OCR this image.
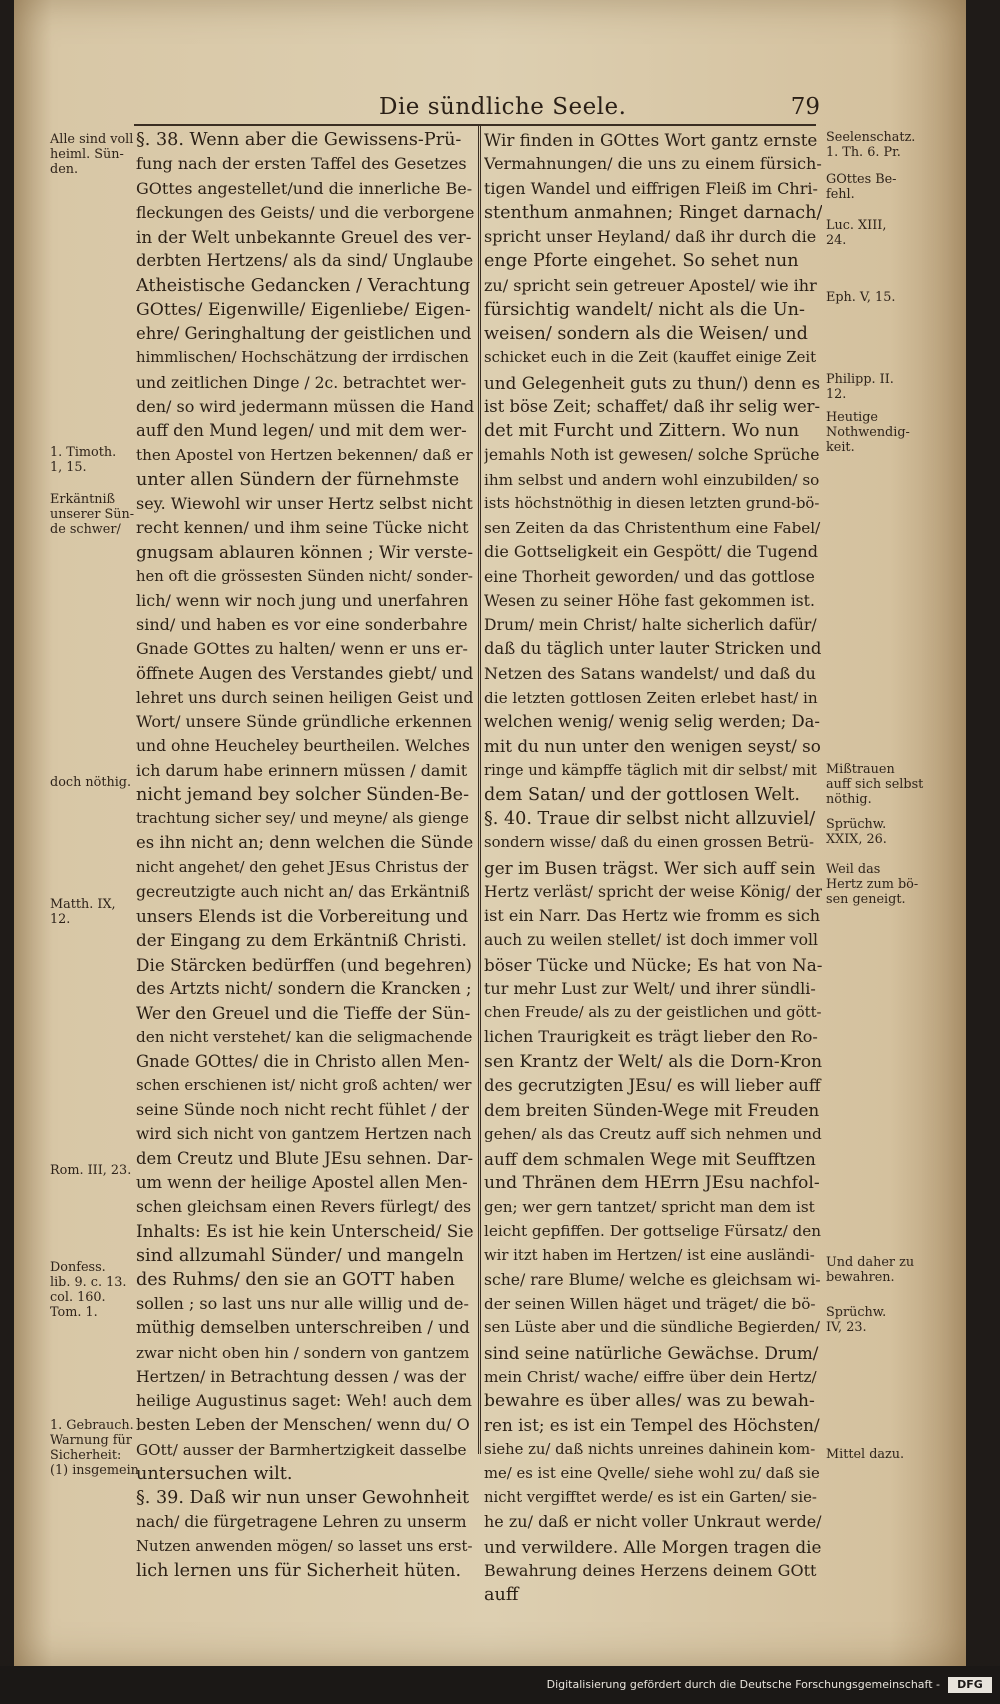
Die sündliche Seele.	79
§. 38. Wenn aber die Gewissens-Prü-
fung nach der ersten Taffel des Gesetzes
GOttes angestellet/und die innerliche Be-
fleckungen des Geists/ und die verborgene
in der Welt unbekannte Greuel des ver-
derbten Hertzens/ als da sind/ Unglaube
Atheistische Gedancken / Verachtung
GOttes/ Eigenwille/ Eigenliebe/ Eigen-
ehre/ Geringhaltung der geistlichen und
himmlischen/ Hochschätzung der irrdischen
und zeitlichen Dinge / 2c. betrachtet wer-
den/ so wird jedermann müssen die Hand
auff den Mund legen/ und mit dem wer-
then Apostel von Hertzen bekennen/ daß er
unter allen Sündern der fürnehmste
sey. Wiewohl wir unser Hertz selbst nicht
recht kennen/ und ihm seine Tücke nicht
gnugsam ablauren können ; Wir verste-
hen oft die grössesten Sünden nicht/ sonder-
lich/ wenn wir noch jung und unerfahren
sind/ und haben es vor eine sonderbahre
Gnade GOttes zu halten/ wenn er uns er-
öffnete Augen des Verstandes giebt/ und
lehret uns durch seinen heiligen Geist und
Wort/ unsere Sünde gründliche erkennen
und ohne Heucheley beurtheilen. Welches
ich darum habe erinnern müssen / damit
nicht jemand bey solcher Sünden-Be-
trachtung sicher sey/ und meyne/ als gienge
es ihn nicht an; denn welchen die Sünde
nicht angehet/ den gehet JEsus Christus der
gecreutzigte auch nicht an/ das Erkäntniß
unsers Elends ist die Vorbereitung und
der Eingang zu dem Erkäntniß Christi.
Die Stärcken bedürffen (und begehren)
des Artzts nicht/ sondern die Krancken ;
Wer den Greuel und die Tieffe der Sün-
den nicht verstehet/ kan die seligmachende
Gnade GOttes/ die in Christo allen Men-
schen erschienen ist/ nicht groß achten/ wer
seine Sünde noch nicht recht fühlet / der
wird sich nicht von gantzem Hertzen nach
dem Creutz und Blute JEsu sehnen. Dar-
um wenn der heilige Apostel allen Men-
schen gleichsam einen Revers fürlegt/ des
Inhalts: Es ist hie kein Unterscheid/ Sie
sind allzumahl Sünder/ und mangeln
des Ruhms/ den sie an GOTT haben
sollen ; so last uns nur alle willig und de-
müthig demselben unterschreiben / und
zwar nicht oben hin / sondern von gantzem
Hertzen/ in Betrachtung dessen / was der
heilige Augustinus saget: Weh! auch dem
besten Leben der Menschen/ wenn du/ O
GOtt/ ausser der Barmhertzigkeit dasselbe
untersuchen wilt.
§. 39. Daß wir nun unser Gewohnheit
nach/ die fürgetragene Lehren zu unserm
Nutzen anwenden mögen/ so lasset uns erst-
lich lernen uns für Sicherheit hüten.
Wir finden in GOttes Wort gantz ernste
Vermahnungen/ die uns zu einem fürsich-
tigen Wandel und eiffrigen Fleiß im Chri-
stenthum anmahnen; Ringet darnach/
spricht unser Heyland/ daß ihr durch die
enge Pforte eingehet. So sehet nun
zu/ spricht sein getreuer Apostel/ wie ihr
fürsichtig wandelt/ nicht als die Un-
weisen/ sondern als die Weisen/ und
schicket euch in die Zeit (kauffet einige Zeit
und Gelegenheit guts zu thun/) denn es
ist böse Zeit; schaffet/ daß ihr selig wer-
det mit Furcht und Zittern. Wo nun
jemahls Noth ist gewesen/ solche Sprüche
ihm selbst und andern wohl einzubilden/ so
ists höchstnöthig in diesen letzten grund-bö-
sen Zeiten da das Christenthum eine Fabel/
die Gottseligkeit ein Gespött/ die Tugend
eine Thorheit geworden/ und das gottlose
Wesen zu seiner Höhe fast gekommen ist.
Drum/ mein Christ/ halte sicherlich dafür/
daß du täglich unter lauter Stricken und
Netzen des Satans wandelst/ und daß du
die letzten gottlosen Zeiten erlebet hast/ in
welchen wenig/ wenig selig werden; Da-
mit du nun unter den wenigen seyst/ so
ringe und kämpffe täglich mit dir selbst/ mit
dem Satan/ und der gottlosen Welt.
§. 40. Traue dir selbst nicht allzuviel/
sondern wisse/ daß du einen grossen Betrü-
ger im Busen trägst. Wer sich auff sein
Hertz verläst/ spricht der weise König/ der
ist ein Narr. Das Hertz wie fromm es sich
auch zu weilen stellet/ ist doch immer voll
böser Tücke und Nücke; Es hat von Na-
tur mehr Lust zur Welt/ und ihrer sündli-
chen Freude/ als zu der geistlichen und gött-
lichen Traurigkeit es trägt lieber den Ro-
sen Krantz der Welt/ als die Dorn-Kron
des gecrutzigten JEsu/ es will lieber auff
dem breiten Sünden-Wege mit Freuden
gehen/ als das Creutz auff sich nehmen und
auff dem schmalen Wege mit Seufftzen
und Thränen dem HErrn JEsu nachfol-
gen; wer gern tantzet/ spricht man dem ist
leicht gepfiffen. Der gottselige Fürsatz/ den
wir itzt haben im Hertzen/ ist eine ausländi-
sche/ rare Blume/ welche es gleichsam wi-
der seinen Willen häget und träget/ die bö-
sen Lüste aber und die sündliche Begierden/
sind seine natürliche Gewächse. Drum/
mein Christ/ wache/ eiffre über dein Hertz/
bewahre es über alles/ was zu bewah-
ren ist; es ist ein Tempel des Höchsten/
siehe zu/ daß nichts unreines dahinein kom-
me/ es ist eine Qvelle/ siehe wohl zu/ daß sie
nicht vergifftet werde/ es ist ein Garten/ sie-
he zu/ daß er nicht voller Unkraut werde/
und verwildere. Alle Morgen tragen die
Bewahrung deines Herzens deinem GOtt
auff
Alle sind voll
heiml. Sün-
den.
1. Timoth.
1, 15.
Erkäntniß
unserer Sün-
de schwer/
doch nöthig.
Matth. IX,
12.
Rom. III, 23.
Donfess.
lib. 9. c. 13.
col. 160.
Tom. 1.
1. Gebrauch.
Warnung für
Sicherheit:
(1) insgemein
Seelenschatz.
1. Th. 6. Pr.
GOttes Be-
fehl.
Luc. XIII,
24.
Eph. V, 15.
Philipp. II.
12.
Heutige
Nothwendig-
keit.
Mißtrauen
auff sich selbst
nöthig.
Sprüchw.
XXIX, 26.
Weil das
Hertz zum bö-
sen geneigt.
Und daher zu
bewahren.
Sprüchw.
IV, 23.
Mittel dazu.
Digitalisierung gefördert durch die Deutsche Forschungsgemeinschaft -	DFG
